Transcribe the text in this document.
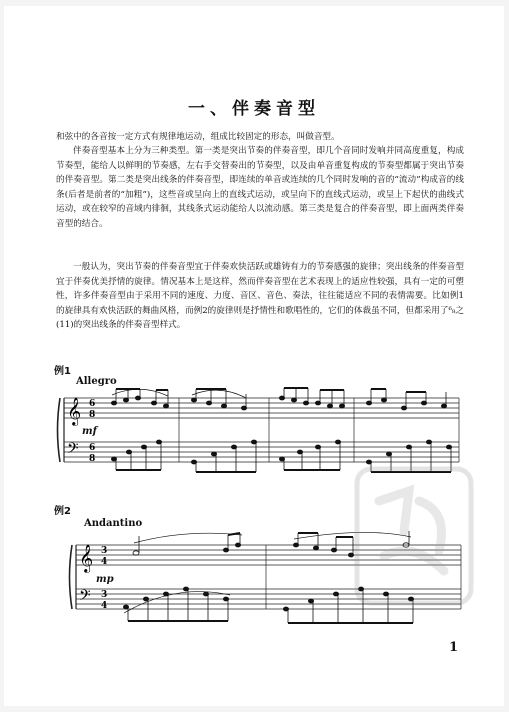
一、伴奏音型

和弦中的各音按一定方式有规律地运动，组成比较固定的形态，叫做音型。

伴奏音型基本上分为三种类型。第一类是突出节奏的伴奏音型，即几个音同时发响并同高度重复，构成节奏型，能给人以鲜明的节奏感，左右手交替奏出的节奏型，以及由单音重复构成的节奏型都属于突出节奏的伴奏音型。第二类是突出线条的伴奏音型，即连续的单音或连续的几个同时发响的音的“流动”构成音的线条(后者是前者的“加粗”)，这些音或呈向上的直线式运动，或呈向下的直线式运动，或呈上下起伏的曲线式运动，或在较窄的音域内徘徊，其线条式运动能给人以流动感。第三类是复合的伴奏音型，即上面两类伴奏音型的结合。

一般认为，突出节奏的伴奏音型宜于伴奏欢快活跃或雄铸有力的节奏感强的旋律；突出线条的伴奏音型宜于伴奏优美抒情的旋律。情况基本上是这样，然而伴奏音型在艺术表现上的适应性较强，具有一定的可塑性，许多伴奏音型由于采用不同的速度、力度、音区、音色、奏法，往往能适应不同的表情需要。比如例1的旋律具有欢快活跃的舞曲风格，而例2的旋律则是抒情性和歌唱性的，它们的体裁虽不同，但都采用了⁶₈之(11)的突出线条的伴奏音型样式。

例1
Allegro
mf
𝄞
𝄢
6
8
6
8
例2
Andantino
mp
𝄞
𝄢
3
4
3
4
1
